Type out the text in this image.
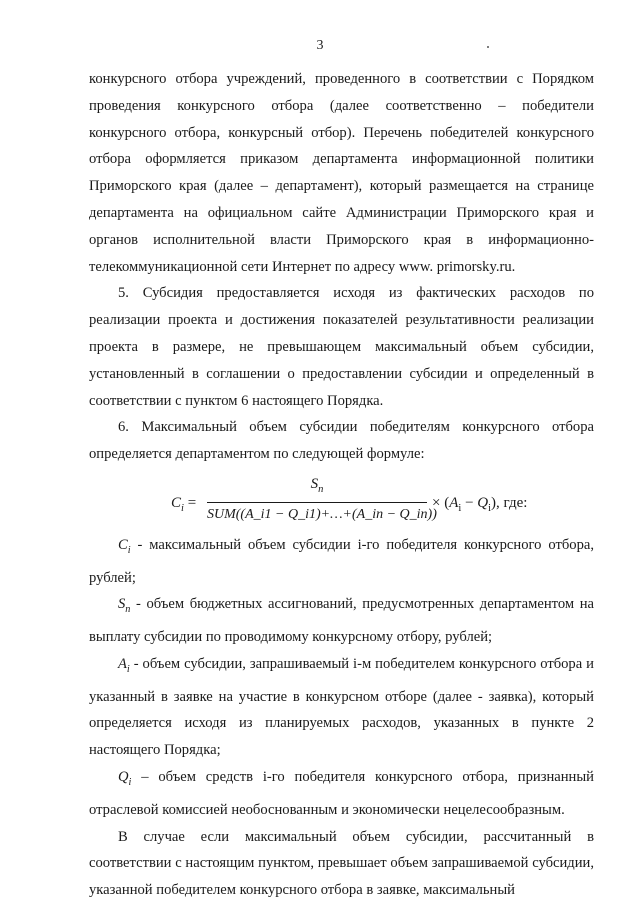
3

конкурсного отбора учреждений, проведенного в соответствии с Порядком проведения конкурсного отбора (далее соответственно – победители конкурсного отбора, конкурсный отбор). Перечень победителей конкурсного отбора оформляется приказом департамента информационной политики Приморского края (далее – департамент), который размещается на странице департамента на официальном сайте Администрации Приморского края и органов исполнительной власти Приморского края в информационно-телекоммуникационной сети Интернет по адресу www. primorsky.ru.

5. Субсидия предоставляется исходя из фактических расходов по реализации проекта и достижения показателей результативности реализации проекта в размере, не превышающем максимальный объем субсидии, установленный в соглашении о предоставлении субсидии и определенный в соответствии с пунктом 6 настоящего Порядка.

6. Максимальный объем субсидии победителям конкурсного отбора определяется департаментом по следующей формуле:

$C_i$ =
$S_n$
SUM((A_i1 − Q_i1)+…+(A_in − Q_in))
× $(A_i - Q_i)$, где:

$C_i$ - максимальный объем субсидии i-го победителя конкурсного отбора, рублей;

$S_n$ - объем бюджетных ассигнований, предусмотренных департаментом на выплату субсидии по проводимому конкурсному отбору, рублей;

$A_i$ - объем субсидии, запрашиваемый i-м победителем конкурсного отбора и указанный в заявке на участие в конкурсном отборе (далее - заявка), который определяется исходя из планируемых расходов, указанных в пункте 2 настоящего Порядка;

$Q_i$ – объем средств i-го победителя конкурсного отбора, признанный отраслевой комиссией необоснованным и экономически нецелесообразным.

В случае если максимальный объем субсидии, рассчитанный в соответствии с настоящим пунктом, превышает объем запрашиваемой субсидии, указанной победителем конкурсного отбора в заявке, максимальный
